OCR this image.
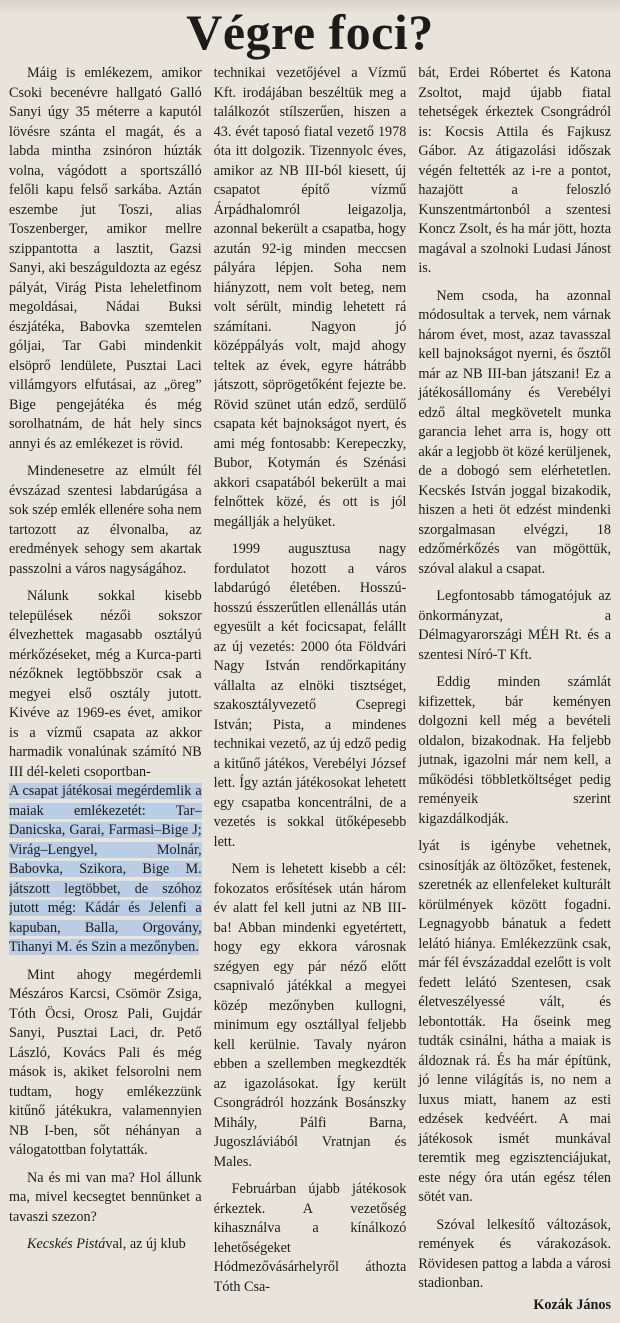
Végre foci?

Máig is emlékezem, amikor Csoki becenévre hallgató Galló Sanyi úgy 35 méterre a kaputól lövésre szánta el magát, és a labda mintha zsinóron húzták volna, vágódott a sportszálló felőli kapu felső sarkába. Aztán eszembe jut Toszi, alias Toszenberger, amikor mellre szippantotta a lasztit, Gazsi Sanyi, aki beszáguldozta az egész pályát, Virág Pista leheletfinom megoldásai, Nádai Buksi észjátéka, Babovka szemtelen góljai, Tar Gabi mindenkit elsöprő lendülete, Pusztai Laci villámgyors elfutásai, az „öreg” Bige pengejátéka és még sorolhatnám, de hát hely sincs annyi és az emlékezet is rövid.

Mindenesetre az elmúlt fél évszázad szentesi labdarúgása a sok szép emlék ellenére soha nem tartozott az élvonalba, az eredmények sehogy sem akartak passzolni a város nagyságához.

Nálunk sokkal kisebb települések nézői sokszor élvezhettek magasabb osztályú mérkőzéseket, még a Kurca-parti nézőknek legtöbbször csak a megyei első osztály jutott. Kivéve az 1969-es évet, amikor is a vízmű csapata az akkor harmadik vonalúnak számító NB III dél-keleti csoportban-
A csapat játékosai megérdemlik a maiak emlékezetét: Tar–Danicska, Garai, Farmasi–Bige J; Virág–Lengyel, Molnár, Babovka, Szikora, Bige M. játszott legtöbbet, de szóhoz jutott még: Kádár és Jelenfi a kapuban, Balla, Orgovány, Tihanyi M. és Szin a mezőnyben.

Mint ahogy megérdemli Mészáros Karcsi, Csömör Zsiga, Tóth Öcsi, Orosz Pali, Gujdár Sanyi, Pusztai Laci, dr. Pető László, Kovács Pali és még mások is, akiket felsorolni nem tudtam, hogy emlékezzünk kitűnő játékukra, valamennyien NB I-ben, sőt néhányan a válogatottban folytatták.

Na és mi van ma? Hol állunk ma, mivel kecsegtet bennünket a tavaszi szezon?

Kecskés Pistával, az új klub

technikai vezetőjével a Vízmű Kft. irodájában beszéltük meg a találkozót stílszerűen, hiszen a 43. évét taposó fiatal vezető 1978 óta itt dolgozik. Tizennyolc éves, amikor az NB III-ból kiesett, új csapatot építő vízmű Árpádhalomról leigazolja, azonnal bekerült a csapatba, hogy azután 92-ig minden meccsen pályára lépjen. Soha nem hiányzott, nem volt beteg, nem volt sérült, mindig lehetett rá számítani. Nagyon jó középpályás volt, majd ahogy teltek az évek, egyre hátrább játszott, söprögetőként fejezte be. Rövid szünet után edző, serdülő csapata két bajnokságot nyert, és ami még fontosabb: Kerepeczky, Bubor, Kotymán és Szénási akkori csapatából bekerült a mai felnőttek közé, és ott is jól megállják a helyüket.

1999 augusztusa nagy fordulatot hozott a város labdarúgó életében. Hosszú-hosszú ésszerűtlen ellenállás után egyesült a két focicsapat, felállt az új vezetés: 2000 óta Földvári Nagy István rendőrkapitány vállalta az elnöki tisztséget, szakosztályvezető Csepregi István; Pista, a mindenes technikai vezető, az új edző pedig a kitűnő játékos, Verebélyi József lett. Így aztán játékosokat lehetett egy csapatba koncentrálni, de a vezetés is sokkal ütőképesebb lett.

Nem is lehetett kisebb a cél: fokozatos erősítések után három év alatt fel kell jutni az NB III-ba! Abban mindenki egyetértett, hogy egy ekkora városnak szégyen egy pár néző előtt csapnivaló játékkal a megyei közép mezőnyben kullogni, minimum egy osztállyal feljebb kell kerülnie. Tavaly nyáron ebben a szellemben megkezdték az igazolásokat. Így került Csongrádról hozzánk Bosánszky Mihály, Pálfi Barna, Jugoszláviából Vratnjan és Males.

Februárban újabb játékosok érkeztek. A vezetőség kihasználva a kínálkozó lehetőségeket Hódmezővásárhelyről áthozta Tóth Csa-

bát, Erdei Róbertet és Katona Zsoltot, majd újabb fiatal tehetségek érkeztek Csongrádról is: Kocsis Attila és Fajkusz Gábor. Az átigazolási időszak végén feltették az i-re a pontot, hazajött a feloszló Kunszentmártonból a szentesi Koncz Zsolt, és ha már jött, hozta magával a szolnoki Ludasi Jánost is.

Nem csoda, ha azonnal módosultak a tervek, nem várnak három évet, most, azaz tavasszal kell bajnokságot nyerni, és ősztől már az NB III-ban játszani! Ez a játékosállomány és Verebélyi edző által megkövetelt munka garancia lehet arra is, hogy ott akár a legjobb öt közé kerüljenek, de a dobogó sem elérhetetlen. Kecskés István joggal bizakodik, hiszen a heti öt edzést mindenki szorgalmasan elvégzi, 18 edzőmérkőzés van mögöttük, szóval alakul a csapat.

Legfontosabb támogatójuk az önkormányzat, a Délmagyarországi MÉH Rt. és a szentesi Níró-T Kft.

Eddig minden számlát kifizettek, bár keményen dolgozni kell még a bevételi oldalon, bizakodnak. Ha feljebb jutnak, igazolni már nem kell, a működési többletköltséget pedig reményeik szerint kigazdálkodják.

lyát is igénybe vehetnek, csinosítják az öltözőket, festenek, szeretnék az ellenfeleket kulturált körülmények között fogadni. Legnagyobb bánatuk a fedett lelátó hiánya. Emlékezzünk csak, már fél évszázaddal ezelőtt is volt fedett lelátó Szentesen, csak életveszélyessé vált, és lebontották. Ha őseink meg tudták csinálni, hátha a maiak is áldoznak rá. És ha már építünk, jó lenne világítás is, no nem a luxus miatt, hanem az esti edzések kedvéért. A mai játékosok ismét munkával teremtik meg egzisztenciájukat, este négy óra után egész télen sötét van.

Szóval lelkesítő változások, remények és várakozások. Rövidesen pattog a labda a városi stadionban.

Kozák János
